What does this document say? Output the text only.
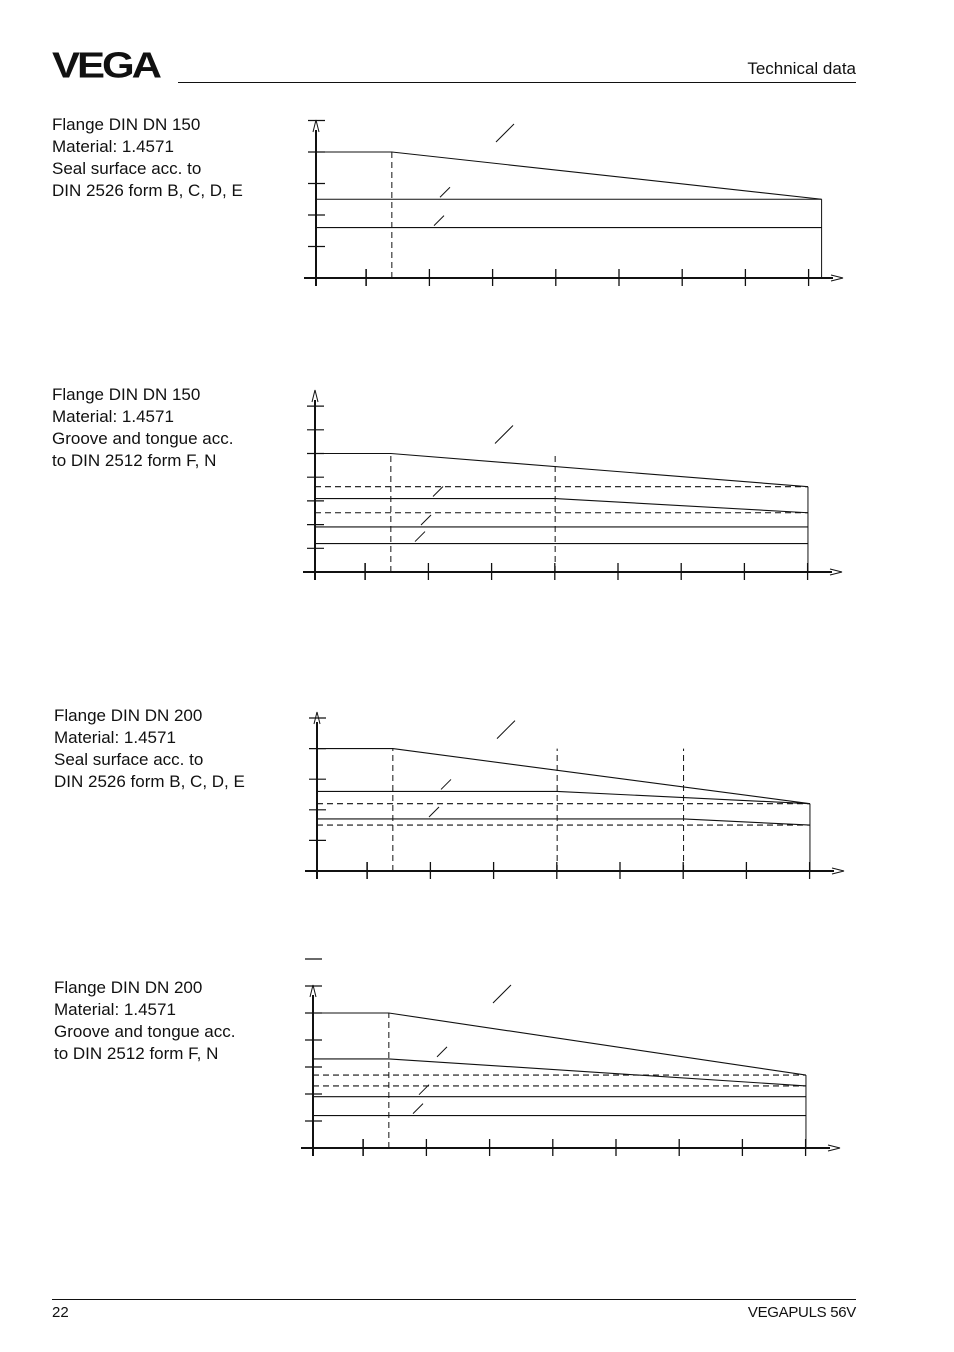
VEGA	Technical data
Flange DIN DN 150
Material: 1.4571
Seal surface acc. to
DIN 2526 form B, C, D, E
Flange DIN DN 150
Material: 1.4571
Groove and tongue acc.
to DIN 2512 form F, N
Flange DIN DN 200
Material: 1.4571
Seal surface acc. to
DIN 2526 form B, C, D, E
Flange DIN DN 200
Material: 1.4571
Groove and tongue acc.
to DIN 2512 form F, N
22	VEGAPULS 56V
